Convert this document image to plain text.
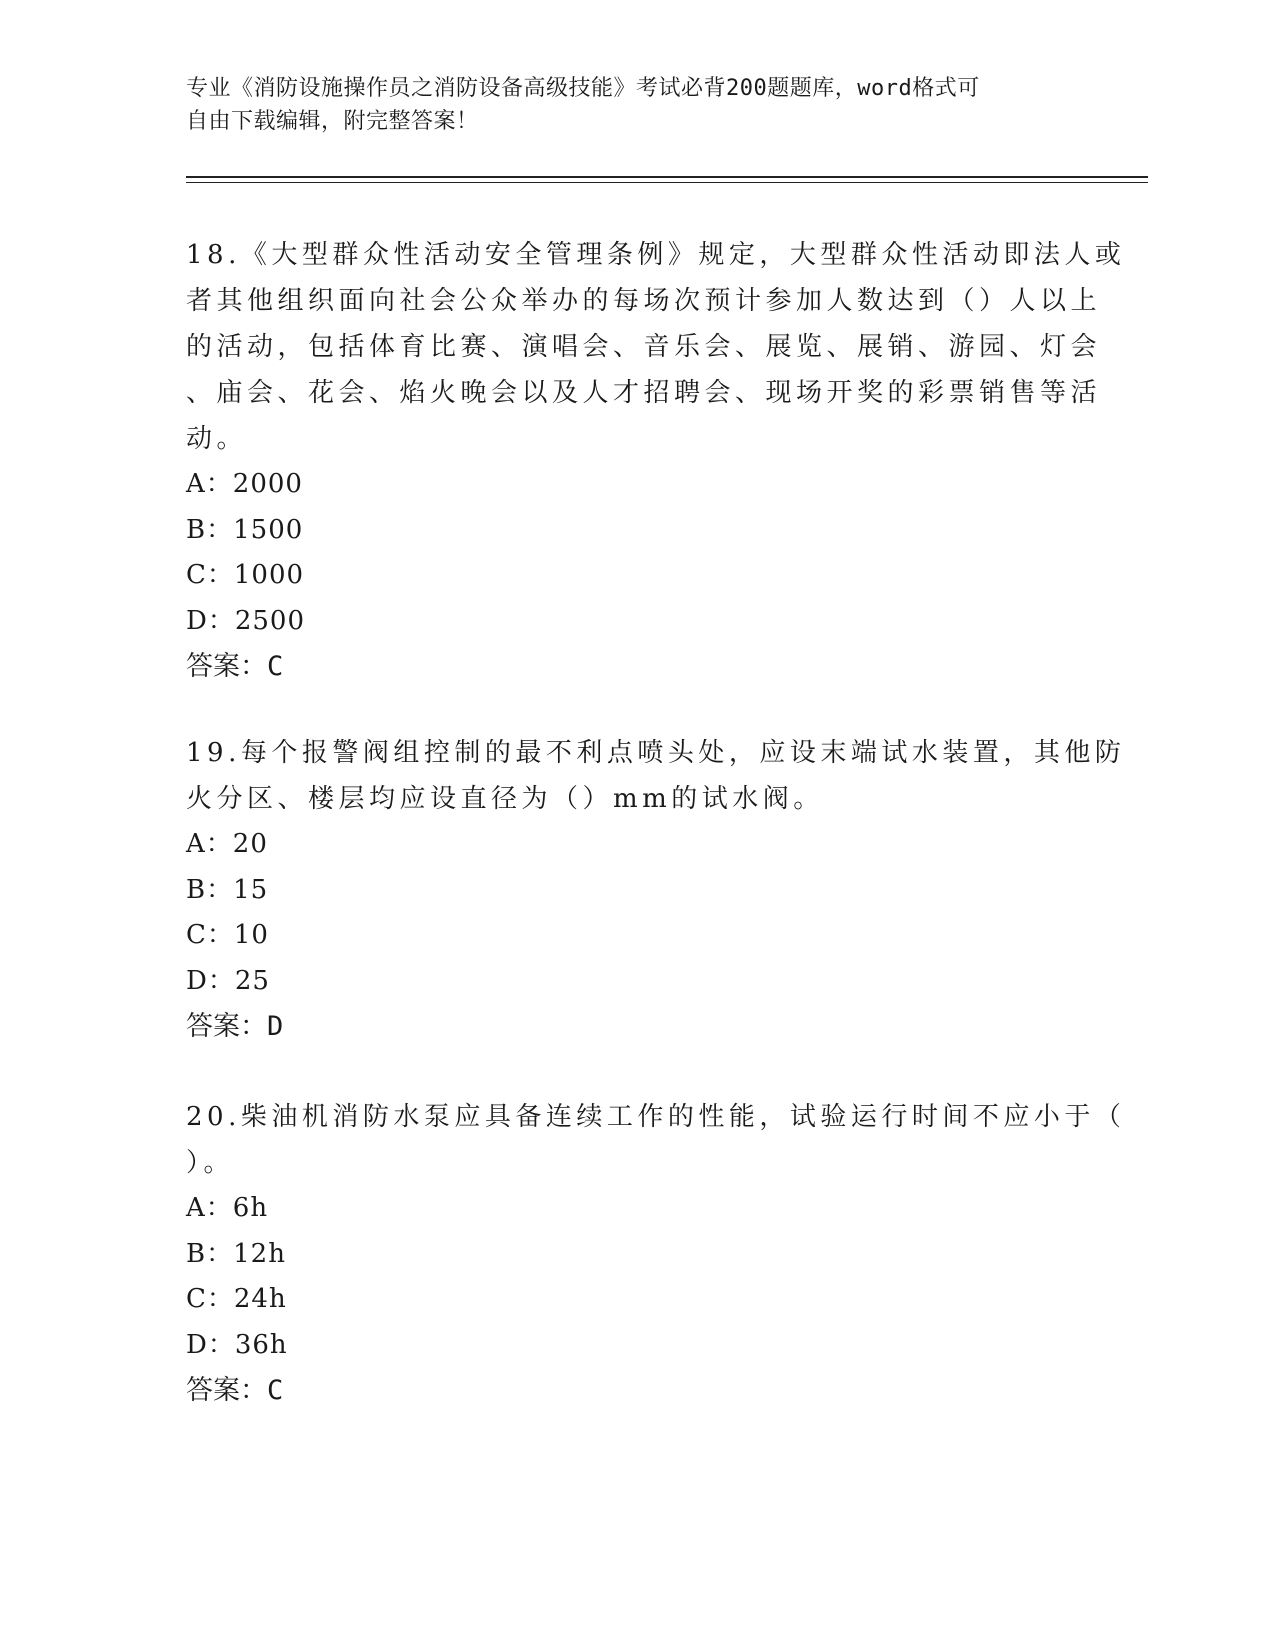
专业《消防设施操作员之消防设备高级技能》考试必背200题题库，word格式可
自由下载编辑，附完整答案！
18.《大型群众性活动安全管理条例》规定，大型群众性活动即法人或
者其他组织面向社会公众举办的每场次预计参加人数达到（）人以上
的活动，包括体育比赛、演唱会、音乐会、展览、展销、游园、灯会
、庙会、花会、焰火晚会以及人才招聘会、现场开奖的彩票销售等活
动。
A：2000
B：1500
C：1000
D：2500
答案：C
19.每个报警阀组控制的最不利点喷头处，应设末端试水装置，其他防
火分区、楼层均应设直径为（）mm的试水阀。
A：20
B：15
C：10
D：25
答案：D
20.柴油机消防水泵应具备连续工作的性能，试验运行时间不应小于（
）。
A：6h
B：12h
C：24h
D：36h
答案：C
